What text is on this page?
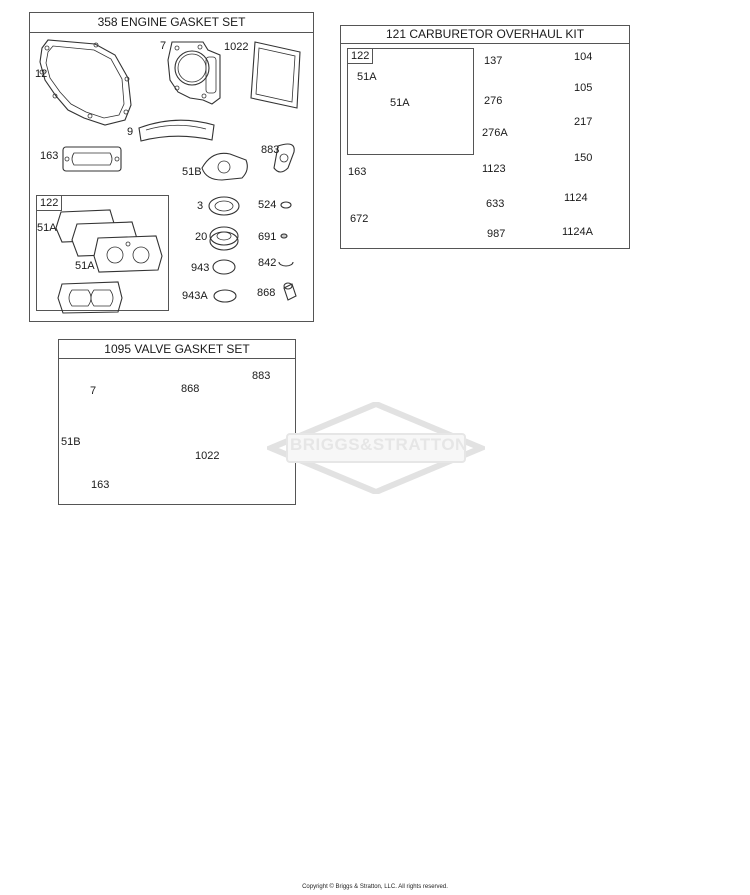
358 ENGINE GASKET SET
122
12
7	1022
9
163
51B
883
3	524
20	691
943	842
943A	868
51A
51A
121 CARBURETOR OVERHAUL KIT
122
51A
51A
137	104
105
276
276A
217
1123
150
163
633	1124
672
987	1124A
1095 VALVE GASKET SET
7	868
883
51B
1022
163
BRIGGS&STRATTON
Copyright © Briggs & Stratton, LLC. All rights reserved.
